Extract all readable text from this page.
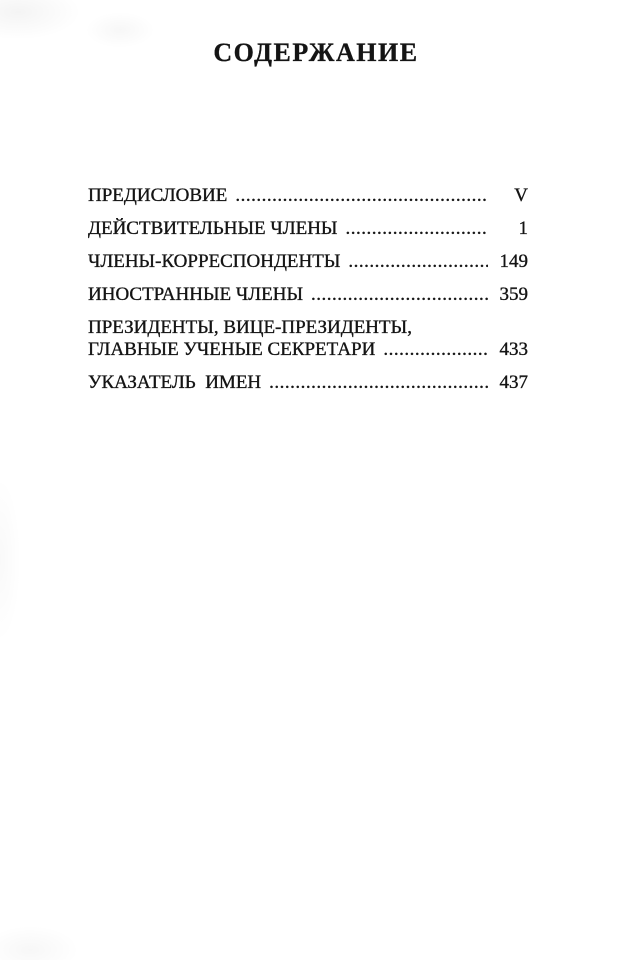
СОДЕРЖАНИЕ
ПРЕДИСЛОВИЕ .....	V
ДЕЙСТВИТЕЛЬНЫЕ ЧЛЕНЫ .....	1
ЧЛЕНЫ-КОРРЕСПОНДЕНТЫ .....	149
ИНОСТРАННЫЕ ЧЛЕНЫ .....	359
ПРЕЗИДЕНТЫ, ВИЦЕ-ПРЕЗИДЕНТЫ,
ГЛАВНЫЕ УЧЕНЫЕ СЕКРЕТАРИ .....	433
УКАЗАТЕЛЬ  ИМЕН .....	437
